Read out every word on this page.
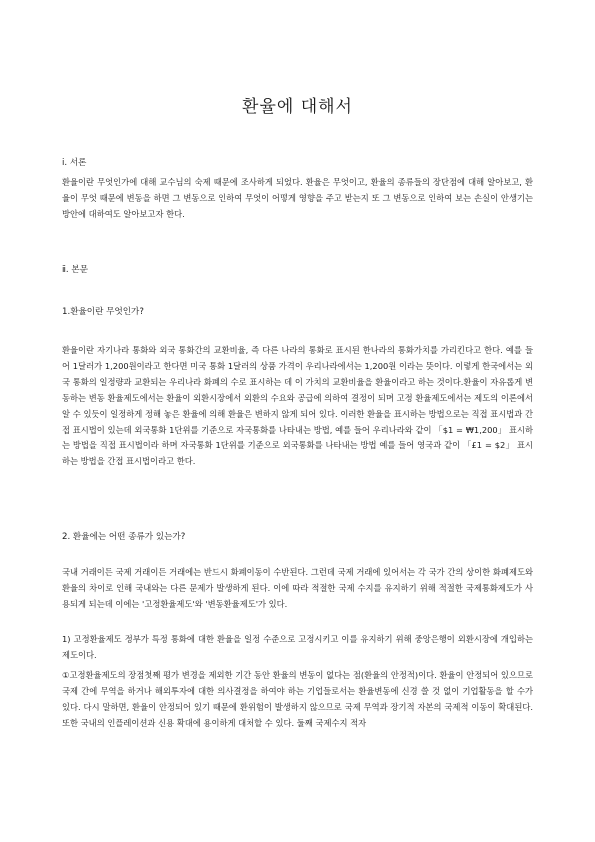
환율에 대해서

ⅰ. 서론

환율이란 무엇인가에 대해 교수님의 숙제 때문에 조사하게 되었다. 환율은 무엇이고, 환율의 종류들의 장단점에 대해 알아보고, 환율이 무엇 때문에 변동을 하면 그 변동으로 인하여 무엇이 어떻게 영향을 주고 받는지 또 그 변동으로 인하여 보는 손실이 안생기는 방안에 대하여도 알아보고자 한다.

ⅱ. 본문

1.환율이란 무엇인가?

환율이란 자기나라 통화와 외국 통화간의 교환비율, 즉 다른 나라의 통화로 표시된 한나라의 통화가치를 가리킨다고 한다. 예를 들어 1달러가 1,200원이라고 한다면 미국 통화 1달러의 상품 가격이 우리나라에서는 1,200원 이라는 뜻이다. 이렇게 한국에서는 외국 통화의 일정량과 교환되는 우리나라 화폐의 수로 표시하는 데 이 가치의 교환비율을 환율이라고 하는 것이다.환율이 자유롭게 변동하는 변동 환율제도에서는 환율이 외환시장에서 외환의 수요와 공급에 의하여 결정이 되며 고정 환율제도에서는 제도의 이론에서 알 수 있듯이 일정하게 정해 놓은 환율에 의해 환율은 변하지 않게 되어 있다. 이러한 환율을 표시하는 방법으로는 직접 표시법과 간접 표시법이 있는데 외국통화 1단위를 기준으로 자국통화를 나타내는 방법, 예를 들어 우리나라와 같이 「$1 = ₩1,200」 표시하는 방법을 직접 표시법이라 하며 자국통화 1단위를 기준으로 외국통화를 나타내는 방법 예를 들어 영국과 같이 「£1 = $2」 표시하는 방법을 간접 표시법이라고 한다.

2. 환율에는 어떤 종류가 있는가?

국내 거래이든 국제 거래이든 거래에는 반드시 화폐이동이 수반된다. 그런데 국제 거래에 있어서는 각 국가 간의 상이한 화폐제도와 환율의 차이로 인해 국내와는 다른 문제가 발생하게 된다. 이에 따라 적절한 국제 수지를 유지하기 위해 적절한 국제통화제도가 사용되게 되는데 이에는 '고정환율제도'와 '변동환율제도'가 있다.

1) 고정환율제도 정부가 특정 통화에 대한 환율을 일정 수준으로 고정시키고 이를 유지하기 위해 중앙은행이 외환시장에 개입하는 제도이다.

①고정환율제도의 장점첫째 평가 변경을 제외한 기간 동안 환율의 변동이 없다는 점(환율의 안정적)이다. 환율이 안정되어 있으므로 국제 간에 무역을 하거나 해외투자에 대한 의사결정을 하여야 하는 기업들로서는 환율변동에 신경 쓸 것 없이 기업활동을 할 수가 있다. 다시 말하면, 환율이 안정되어 있기 때문에 환위험이 발생하지 않으므로 국제 무역과 장기적 자본의 국제적 이동이 확대된다. 또한 국내의 인플레이션과 신용 확대에 용이하게 대처할 수 있다. 둘째 국제수지 적자
